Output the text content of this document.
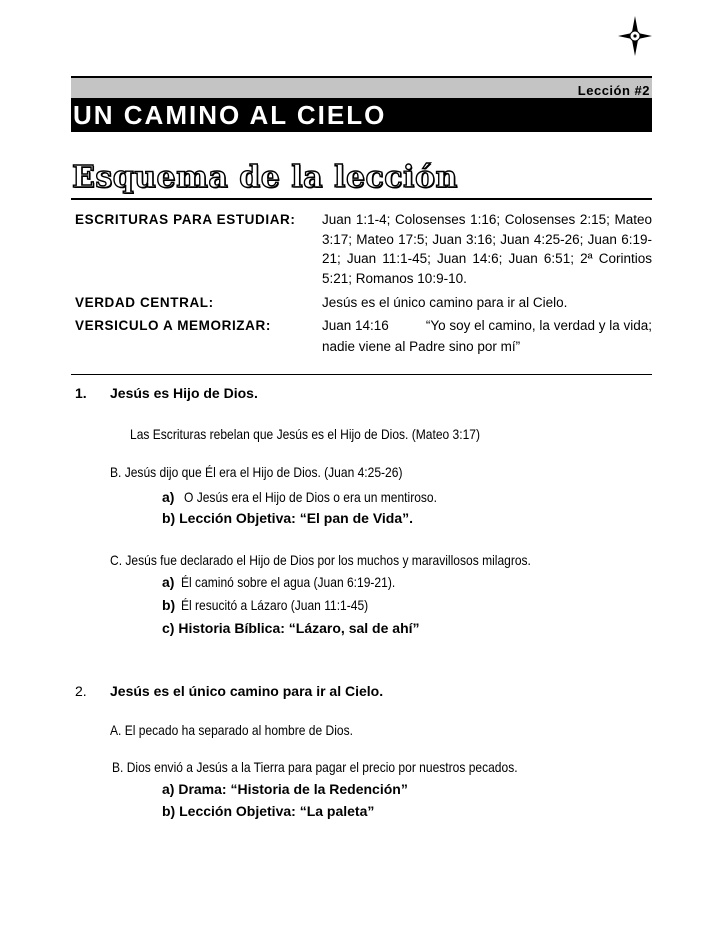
Lección #2
UN CAMINO AL CIELO
Esquema de la lección
ESCRITURAS PARA ESTUDIAR:	Juan 1:1-4; Colosenses 1:16; Colosenses 2:15; Mateo 3:17; Mateo 17:5; Juan 3:16; Juan 4:25-26; Juan 6:19-21; Juan 11:1-45; Juan 14:6; Juan 6:51; 2ª Corintios 5:21; Romanos 10:9-10.
VERDAD CENTRAL:	Jesús es el único camino para ir al Cielo.
VERSICULO A MEMORIZAR:	Juan 14:16	“Yo soy el camino, la verdad y la vida;
nadie viene al Padre sino por mí”
1. Jesús es Hijo de Dios.
Las Escrituras rebelan que Jesús es el Hijo de Dios. (Mateo 3:17)
B. Jesús dijo que Él era el Hijo de Dios. (Juan 4:25-26)
a) O Jesús era el Hijo de Dios o era un mentiroso.
b) Lección Objetiva: “El pan de Vida”.
C. Jesús fue declarado el Hijo de Dios por los muchos y maravillosos milagros.
a) Él caminó sobre el agua (Juan 6:19-21).
b) Él resucitó a Lázaro (Juan 11:1-45)
c) Historia Bíblica: “Lázaro, sal de ahí”
2. Jesús es el único camino para ir al Cielo.
A. El pecado ha separado al hombre de Dios.
B. Dios envió a Jesús a la Tierra para pagar el precio por nuestros pecados.
a) Drama: “Historia de la Redención”
b) Lección Objetiva: “La paleta”
